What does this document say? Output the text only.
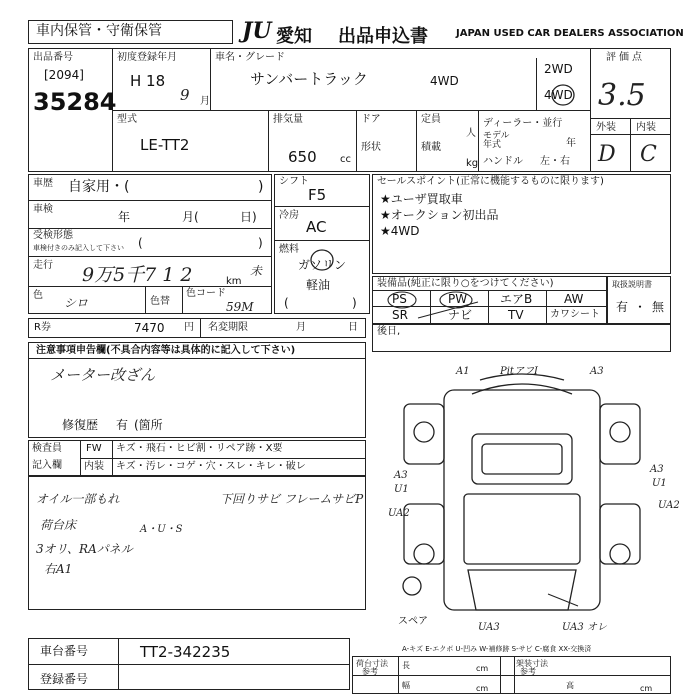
車内保管・守衛保管	JU 愛知 出品申込書	JAPAN USED CAR DEALERS ASSOCIATION
出品番号
[2094]
35284
初度登録年月
H 18
9 月
車名・グレード
サンバートラック	4WD
2WD
4WD
評価点
3.5
外装 内装
D C
型式
LE-TT2
排気量
650 cc
ドア
形状
定員
人
積載
kg
ディーラー・並行
モデル年式	年
ハンドル 左・右
車歴 自家用・(	)
車検
年	月(	日)
受検形態
車検付きのみ記入して下さい (	)
走行 9万5千7 1 2	km
未
色
シロ	色替
色コード
59M
シフト
F5
冷房
AC
燃料
ガソリン
軽油
(	)
セールスポイント(正常に機能するものに限ります)
★ユーザ買取車
★オークション初出品
★4WD
装備品(純正に限り○をつけてください)
PS	PW	エアB	AW
SR	ナビ	TV	カワシート
取扱説明書
有 ・ 無
R券	7470 円 名変期限	月	日 後日,
注意事項申告欄(不具合内容等は具体的に記入して下さい)
メーター改ざん
修復歴 有 (箇所
検査員
記入欄
FW キズ・飛石・ヒビ割・リペア跡・X要
内装 キズ・汚レ・コゲ・穴・スレ・キレ・破レ
オイル一部もれ	下回りサビ フレームサビP
荷台床	A・U・S
3オリ、RAパネル
右A1
A1	PitアフI	A3
A3
U1
UA2
A3
U1
UA2
UA3	UA3 オレ
スペア
A-キズ E-エクボ U-凹み W-補修跡 S-サビ C-腐食 XX-交換済
車台番号	TT2-342235
登録番号
荷台寸法
参考
長	cm
架装寸法
参考
幅	cm	高	cm
